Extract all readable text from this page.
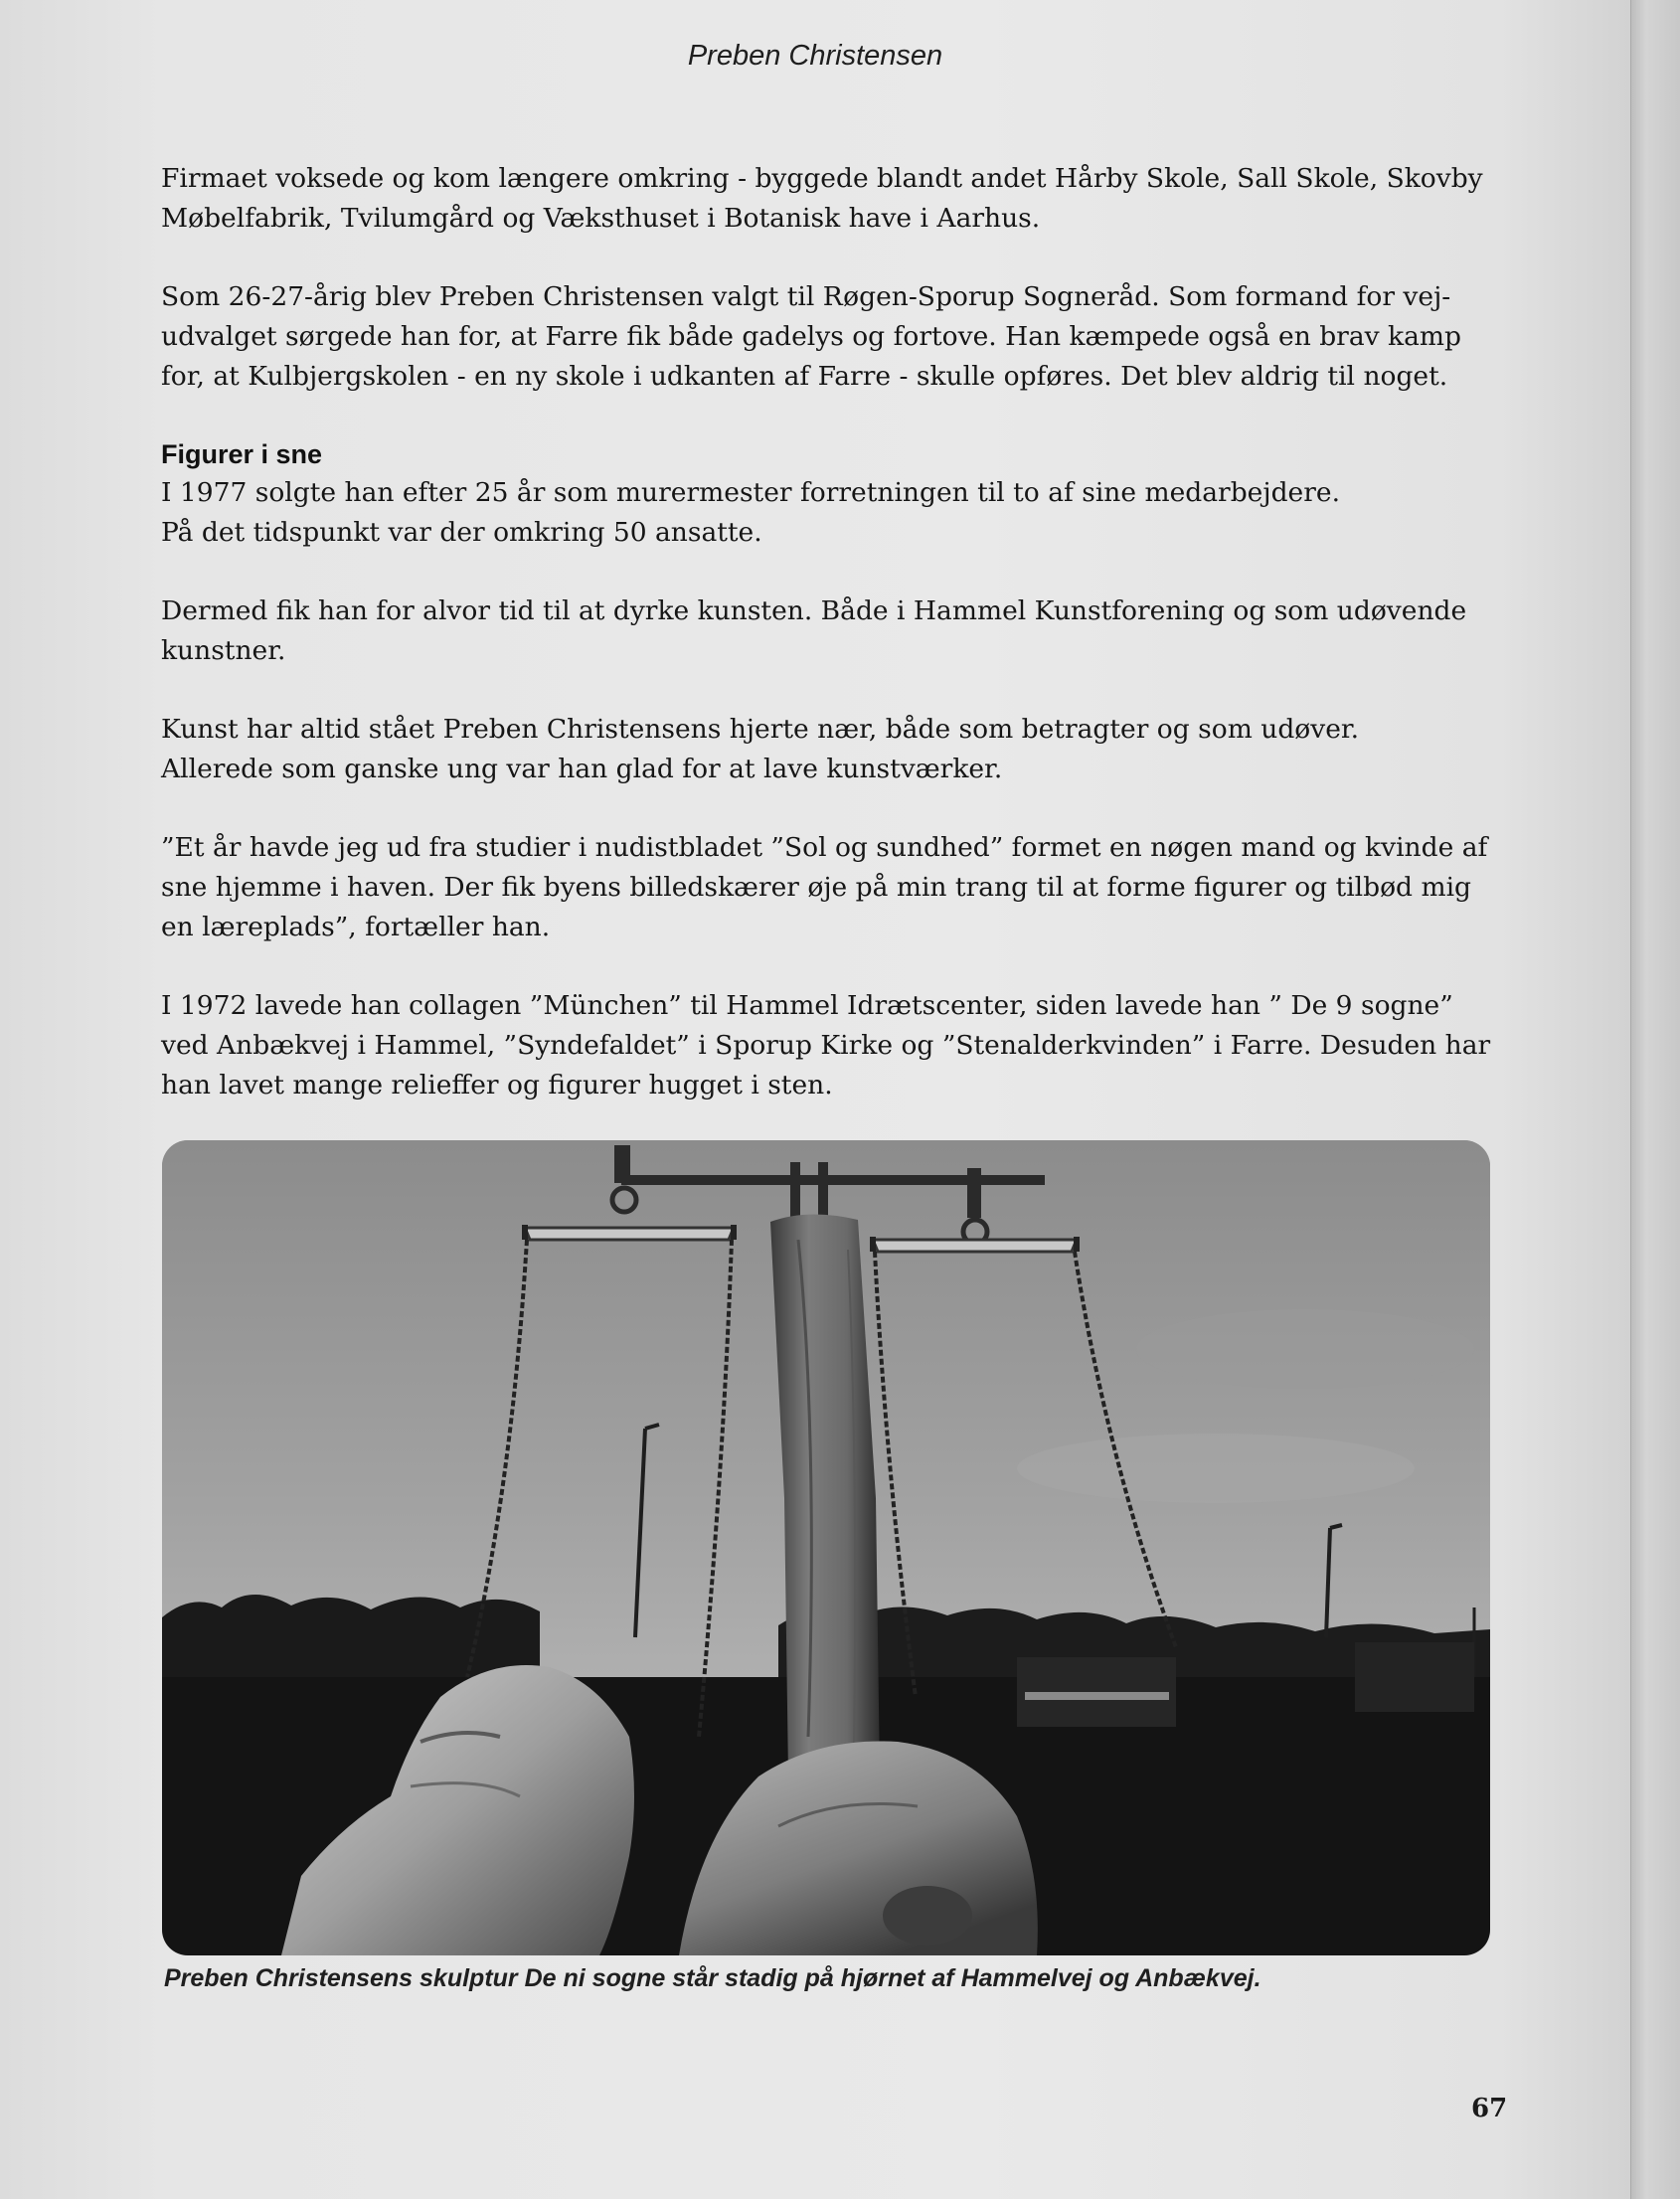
Preben Christensen

Firmaet voksede og kom længere omkring - byggede blandt andet Hårby Skole, Sall Skole, Skovby Møbelfabrik, Tvilumgård og Væksthuset i Botanisk have i Aarhus.

Som 26-27-årig blev Preben Christensen valgt til Røgen-Sporup Sogneråd. Som formand for vej-udvalget sørgede han for, at Farre fik både gadelys og fortove. Han kæmpede også en brav kamp for, at Kulbjergskolen - en ny skole i udkanten af Farre - skulle opføres. Det blev aldrig til noget.

Figurer i sne

I 1977 solgte han efter 25 år som murermester forretningen til to af sine medarbejdere.
På det tidspunkt var der omkring 50 ansatte.

Dermed fik han for alvor tid til at dyrke kunsten. Både i Hammel Kunstforening og som udøvende kunstner.

Kunst har altid stået Preben Christensens hjerte nær, både som betragter og som udøver.
Allerede som ganske ung var han glad for at lave kunstværker.

”Et år havde jeg ud fra studier i nudistbladet ”Sol og sundhed” formet en nøgen mand og kvinde af sne hjemme i haven. Der fik byens billedskærer øje på min trang til at forme figurer og tilbød mig en læreplads”, fortæller han.

I 1972 lavede han collagen ”München” til Hammel Idrætscenter, siden lavede han ” De 9 sogne” ved Anbækvej i Hammel, ”Syndefaldet” i Sporup Kirke og ”Stenalderkvinden” i Farre. Desuden har han lavet mange relieffer og figurer hugget i sten.

Preben Christensens skulptur De ni sogne står stadig på hjørnet af Hammelvej og Anbækvej.
67
